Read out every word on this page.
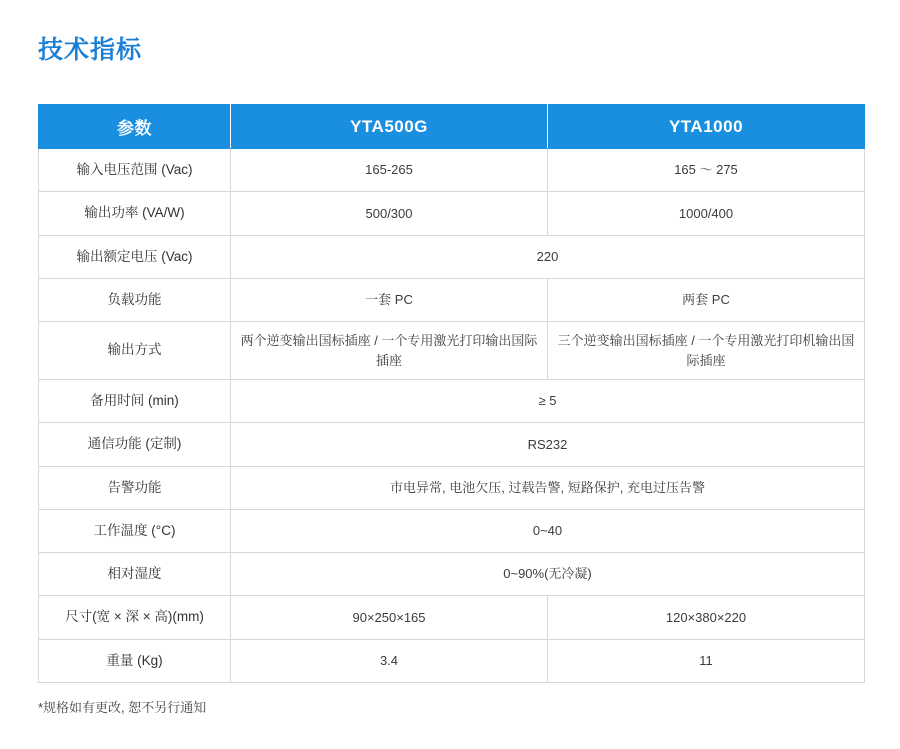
技术指标
参数	YTA500G	YTA1000
输入电压范围 (Vac)	165-265	165 〜 275
输出功率 (VA/W)	500/300	1000/400
输出额定电压 (Vac)	220	
负载功能	一套 PC	两套 PC
输出方式	两个逆变输出国标插座 / 一个专用激光打印输出国际插座	三个逆变输出国标插座 / 一个专用激光打印机输出国际插座
备用时间 (min)	≥ 5	
通信功能 (定制)	RS232	
告警功能	市电异常, 电池欠压, 过载告警, 短路保护, 充电过压告警	
工作温度 (°C)	0~40	
相对湿度	0~90%(无冷凝)	
尺寸(宽 × 深 × 高)(mm)	90×250×165	120×380×220
重量 (Kg)	3.4	11
*规格如有更改, 恕不另行通知
